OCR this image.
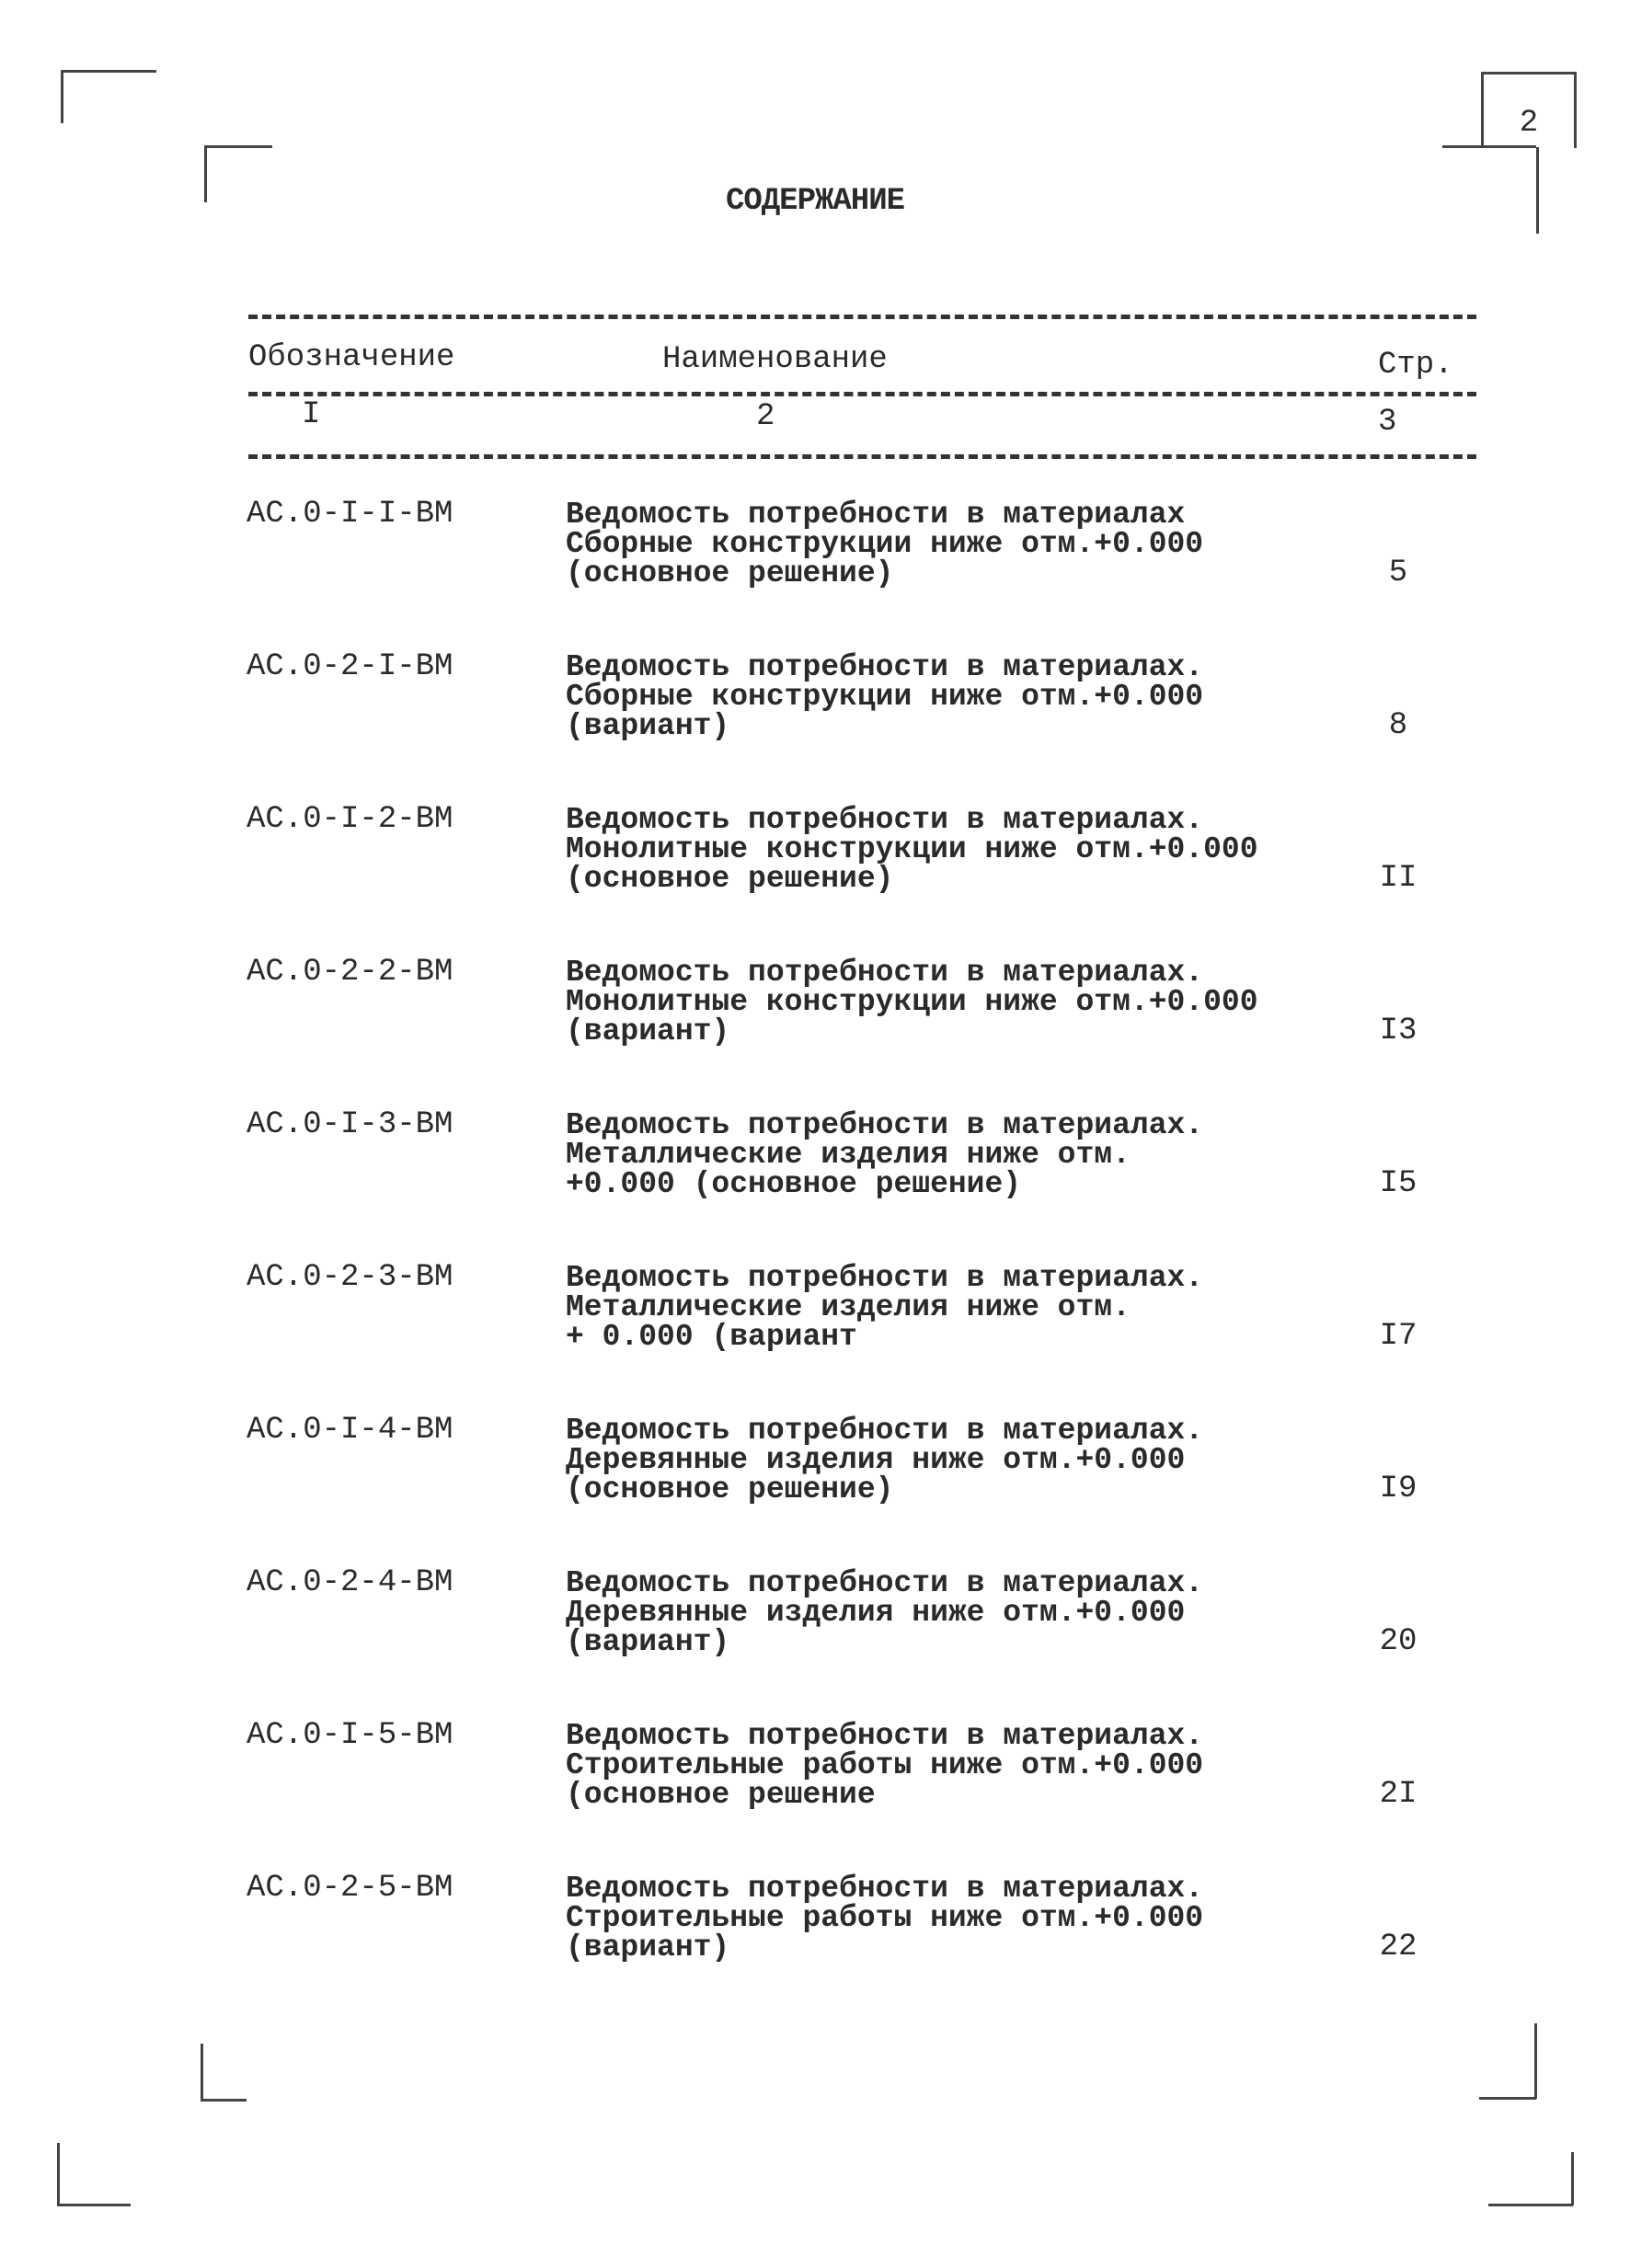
2
СОДЕРЖАНИЕ
Обозначение	Наименование	Стр.
I	2	3
АС.0-I-I-ВМ	Ведомость потребности в материалах
Сборные конструкции ниже отм.+0.000
(основное решение)	5
АС.0-2-I-ВМ	Ведомость потребности в материалах.
Сборные конструкции ниже отм.+0.000
(вариант)	8
АС.0-I-2-ВМ	Ведомость потребности в материалах.
Монолитные конструкции ниже отм.+0.000
(основное решение)	II
АС.0-2-2-ВМ	Ведомость потребности в материалах.
Монолитные конструкции ниже отм.+0.000
(вариант)	I3
АС.0-I-3-ВМ	Ведомость потребности в материалах.
Металлические изделия ниже отм.
+0.000 (основное решение)	I5
АС.0-2-3-ВМ	Ведомость потребности в материалах.
Металлические изделия ниже отм.
+ 0.000 (вариант	I7
АС.0-I-4-ВМ	Ведомость потребности в материалах.
Деревянные изделия ниже отм.+0.000
(основное решение)	I9
АС.0-2-4-ВМ	Ведомость потребности в материалах.
Деревянные изделия ниже отм.+0.000
(вариант)	20
АС.0-I-5-ВМ	Ведомость потребности в материалах.
Строительные работы ниже отм.+0.000
(основное решение	2I
АС.0-2-5-ВМ	Ведомость потребности в материалах.
Строительные работы ниже отм.+0.000
(вариант)	22
